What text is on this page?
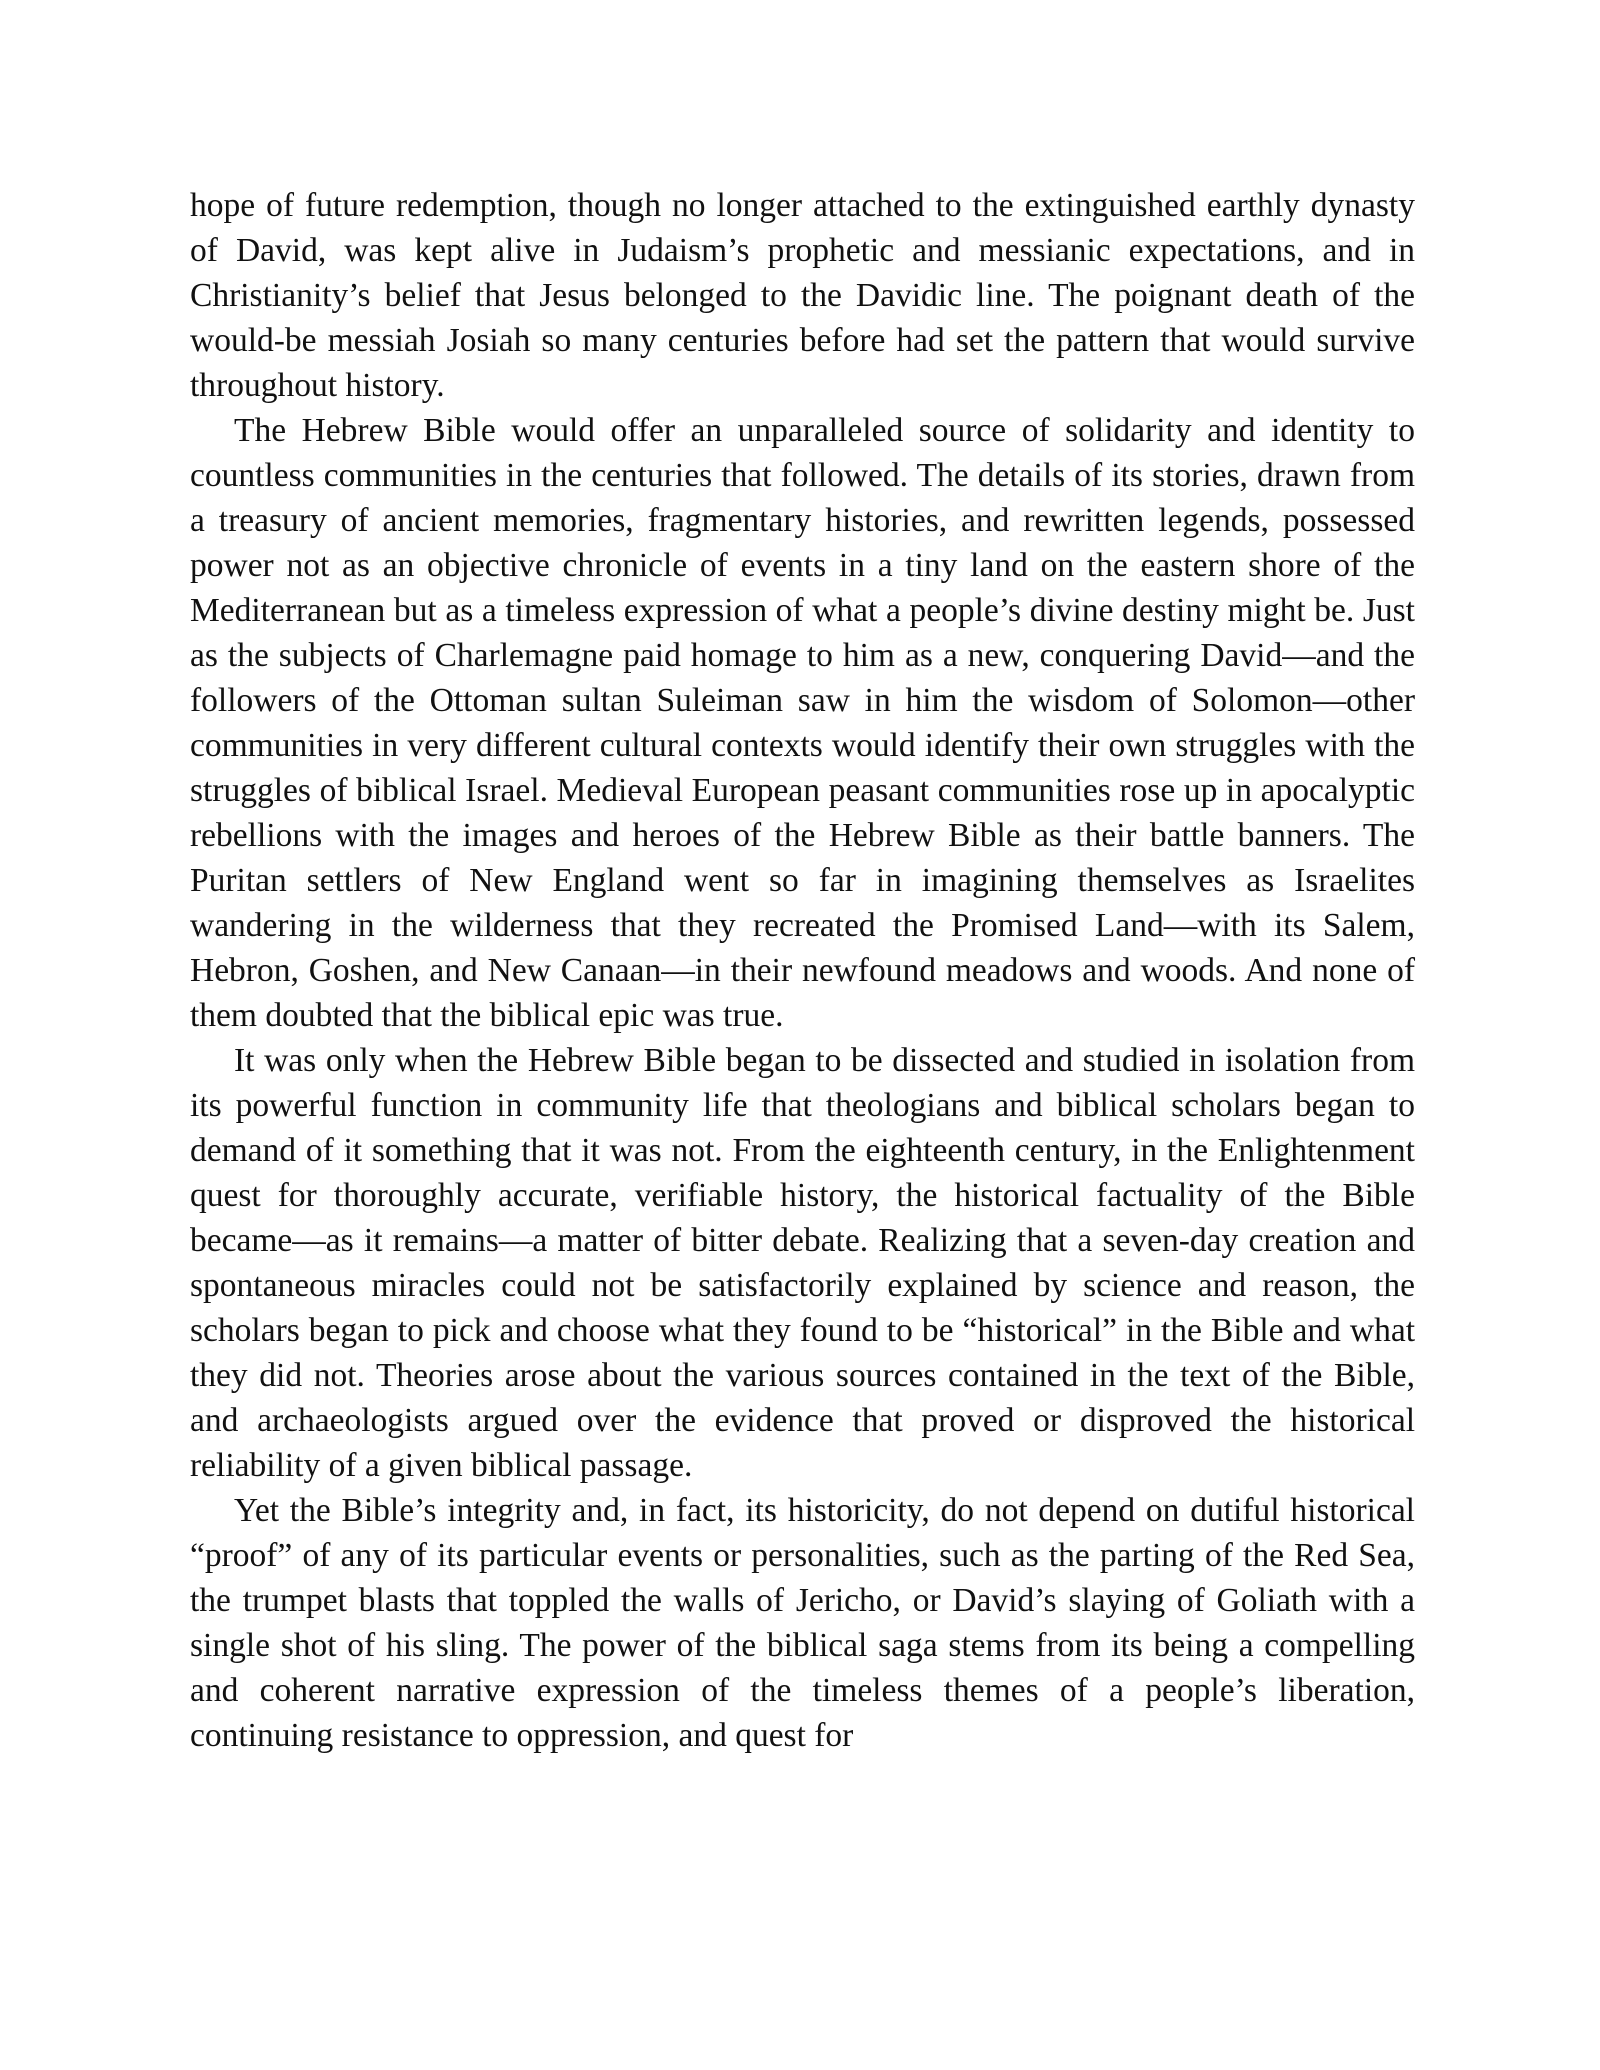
hope of future redemption, though no longer attached to the extinguished earthly dynasty of David, was kept alive in Judaism’s prophetic and messianic expectations, and in Christianity’s belief that Jesus belonged to the Davidic line. The poignant death of the would-be messiah Josiah so many centuries before had set the pattern that would survive throughout history.

The Hebrew Bible would offer an unparalleled source of solidarity and identity to countless communities in the centuries that followed. The details of its stories, drawn from a treasury of ancient memories, fragmentary histories, and rewritten legends, possessed power not as an objective chronicle of events in a tiny land on the eastern shore of the Mediterranean but as a timeless expression of what a people’s divine destiny might be. Just as the subjects of Charlemagne paid homage to him as a new, conquering David—and the followers of the Ottoman sultan Suleiman saw in him the wisdom of Solomon—other communities in very different cultural contexts would identify their own struggles with the struggles of biblical Israel. Medieval European peasant communities rose up in apocalyptic rebellions with the images and heroes of the Hebrew Bible as their battle banners. The Puritan settlers of New England went so far in imagining themselves as Israelites wandering in the wilderness that they recreated the Promised Land—with its Salem, Hebron, Goshen, and New Canaan—in their newfound meadows and woods. And none of them doubted that the biblical epic was true.

It was only when the Hebrew Bible began to be dissected and studied in isolation from its powerful function in community life that theologians and biblical scholars began to demand of it something that it was not. From the eighteenth century, in the Enlightenment quest for thoroughly accurate, verifiable history, the historical factuality of the Bible became—as it remains—a matter of bitter debate. Realizing that a seven-day creation and spontaneous miracles could not be satisfactorily explained by science and reason, the scholars began to pick and choose what they found to be “historical” in the Bible and what they did not. Theories arose about the various sources contained in the text of the Bible, and archaeologists argued over the evidence that proved or disproved the historical reliability of a given biblical passage.

Yet the Bible’s integrity and, in fact, its historicity, do not depend on dutiful historical “proof” of any of its particular events or personalities, such as the parting of the Red Sea, the trumpet blasts that toppled the walls of Jericho, or David’s slaying of Goliath with a single shot of his sling. The power of the biblical saga stems from its being a compelling and coherent narrative expression of the timeless themes of a people’s liberation, continuing resistance to oppression, and quest for
